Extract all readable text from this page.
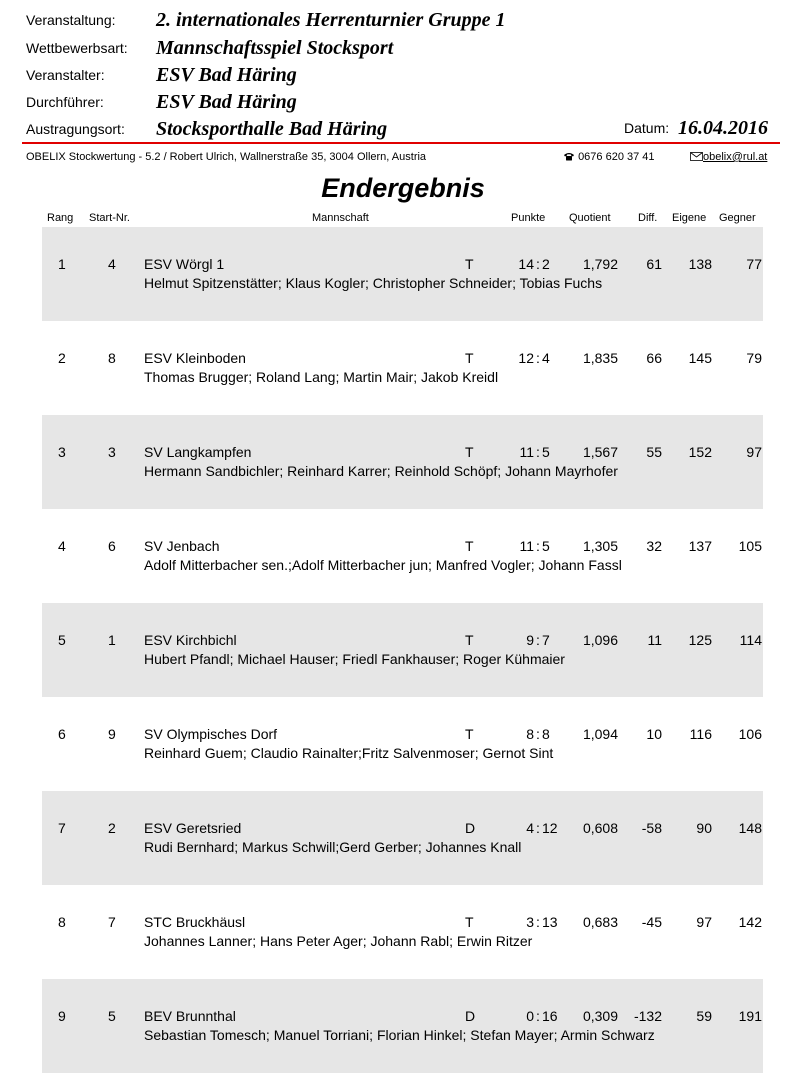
Veranstaltung: 2. internationales Herrenturnier Gruppe 1
Wettbewerbsart: Mannschaftsspiel Stocksport
Veranstalter:	ESV Bad Häring
Durchführer:	ESV Bad Häring
Austragungsort: Stocksporthalle Bad Häring	Datum: 16.04.2016
OBELIX Stockwertung - 5.2 / Robert Ulrich, Wallnerstraße 35, 3004 Ollern, Austria	0676 620 37 41	obelix@rul.at
Endergebnis
Rang Start-Nr.	Mannschaft	Punkte Quotient Diff. Eigene Gegner
1	4 ESV Wörgl 1	T	14 : 2	1,792	61	138	77
Helmut Spitzenstätter; Klaus Kogler; Christopher Schneider; Tobias Fuchs
2	8 ESV Kleinboden	T	12 : 4	1,835	66	145	79
Thomas Brugger; Roland Lang; Martin Mair; Jakob Kreidl
3	3 SV Langkampfen	T	11 : 5	1,567	55	152	97
Hermann Sandbichler; Reinhard Karrer; Reinhold Schöpf; Johann Mayrhofer
4	6 SV Jenbach	T	11 : 5	1,305	32	137	105
Adolf Mitterbacher sen.;Adolf Mitterbacher jun; Manfred Vogler; Johann Fassl
5	1 ESV Kirchbichl	T	9 : 7	1,096	11	125	114
Hubert Pfandl; Michael Hauser; Friedl Fankhauser; Roger Kühmaier
6	9 SV Olympisches Dorf	T	8 : 8	1,094	10	116	106
Reinhard Guem; Claudio Rainalter;Fritz Salvenmoser; Gernot Sint
7	2 ESV Geretsried	D	4 : 12	0,608	-58	90	148
Rudi Bernhard; Markus Schwill;Gerd Gerber; Johannes Knall
8	7 STC Bruckhäusl	T	3 : 13	0,683	-45	97	142
Johannes Lanner; Hans Peter Ager; Johann Rabl; Erwin Ritzer
9	5 BEV Brunnthal	D	0 : 16	0,309	-132	59	191
Sebastian Tomesch; Manuel Torriani; Florian Hinkel; Stefan Mayer; Armin Schwarz
